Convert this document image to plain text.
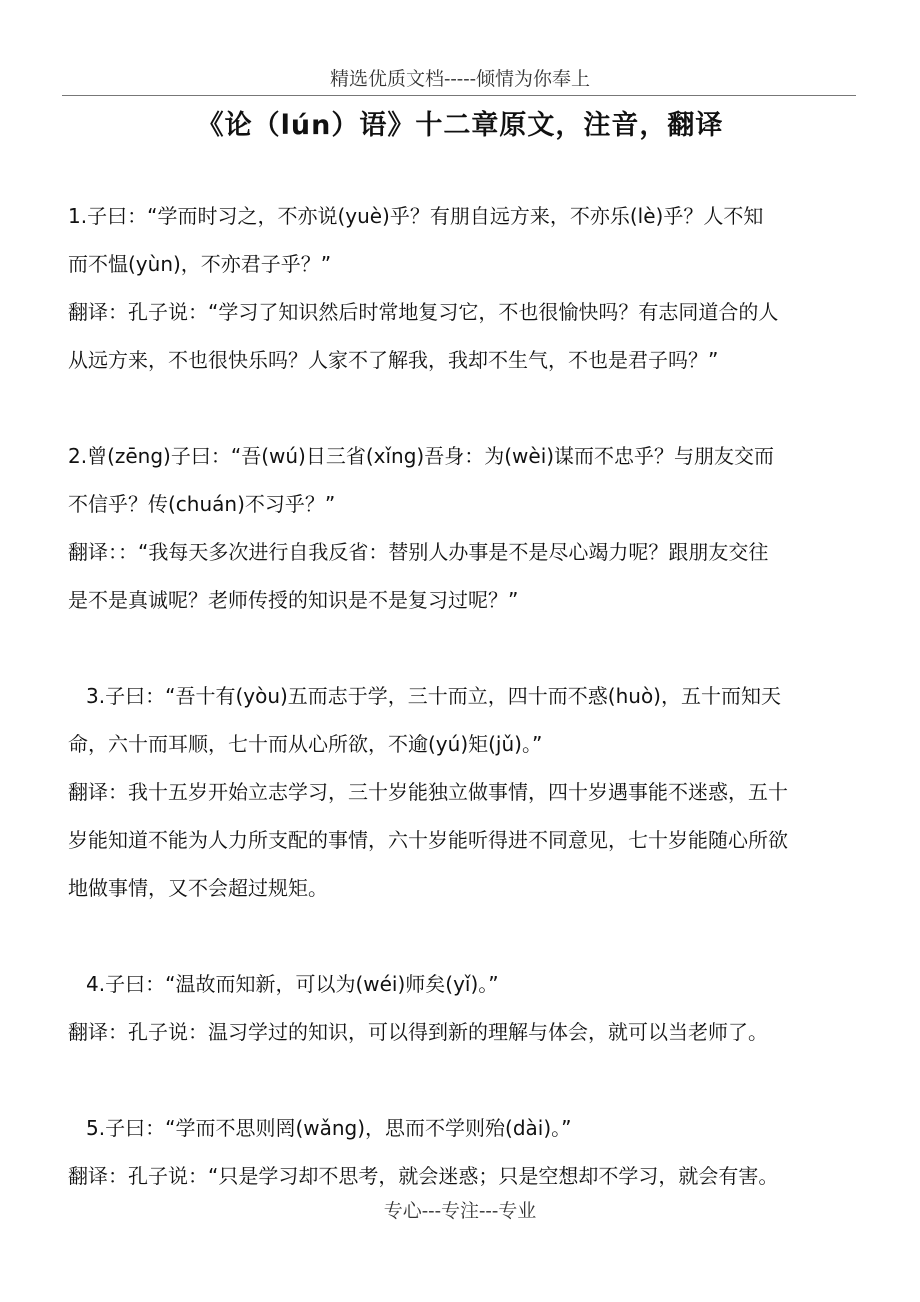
精选优质文档-----倾情为你奉上
《论（lún）语》十二章原文，注音，翻译
1.子曰：“学而时习之，不亦说(yuè)乎？有朋自远方来，不亦乐(lè)乎？人不知
而不愠(yùn)，不亦君子乎？”
翻译：孔子说：“学习了知识然后时常地复习它，不也很愉快吗？有志同道合的人
从远方来，不也很快乐吗？人家不了解我，我却不生气，不也是君子吗？”
2.曾(zēng)子曰：“吾(wú)日三省(xǐng)吾身：为(wèi)谋而不忠乎？与朋友交而
不信乎？传(chuán)不习乎？”
翻译：：“我每天多次进行自我反省：替别人办事是不是尽心竭力呢？跟朋友交往
是不是真诚呢？老师传授的知识是不是复习过呢？”
3.子曰：“吾十有(yòu)五而志于学，三十而立，四十而不惑(huò)，五十而知天
命，六十而耳顺，七十而从心所欲，不逾(yú)矩(jǔ)。”
翻译：我十五岁开始立志学习，三十岁能独立做事情，四十岁遇事能不迷惑，五十
岁能知道不能为人力所支配的事情，六十岁能听得进不同意见，七十岁能随心所欲
地做事情，又不会超过规矩。
4.子曰：“温故而知新，可以为(wéi)师矣(yǐ)。”
翻译：孔子说：温习学过的知识，可以得到新的理解与体会，就可以当老师了。
5.子曰：“学而不思则罔(wǎng)，思而不学则殆(dài)。”
翻译：孔子说：“只是学习却不思考，就会迷惑；只是空想却不学习，就会有害。
专心---专注---专业
